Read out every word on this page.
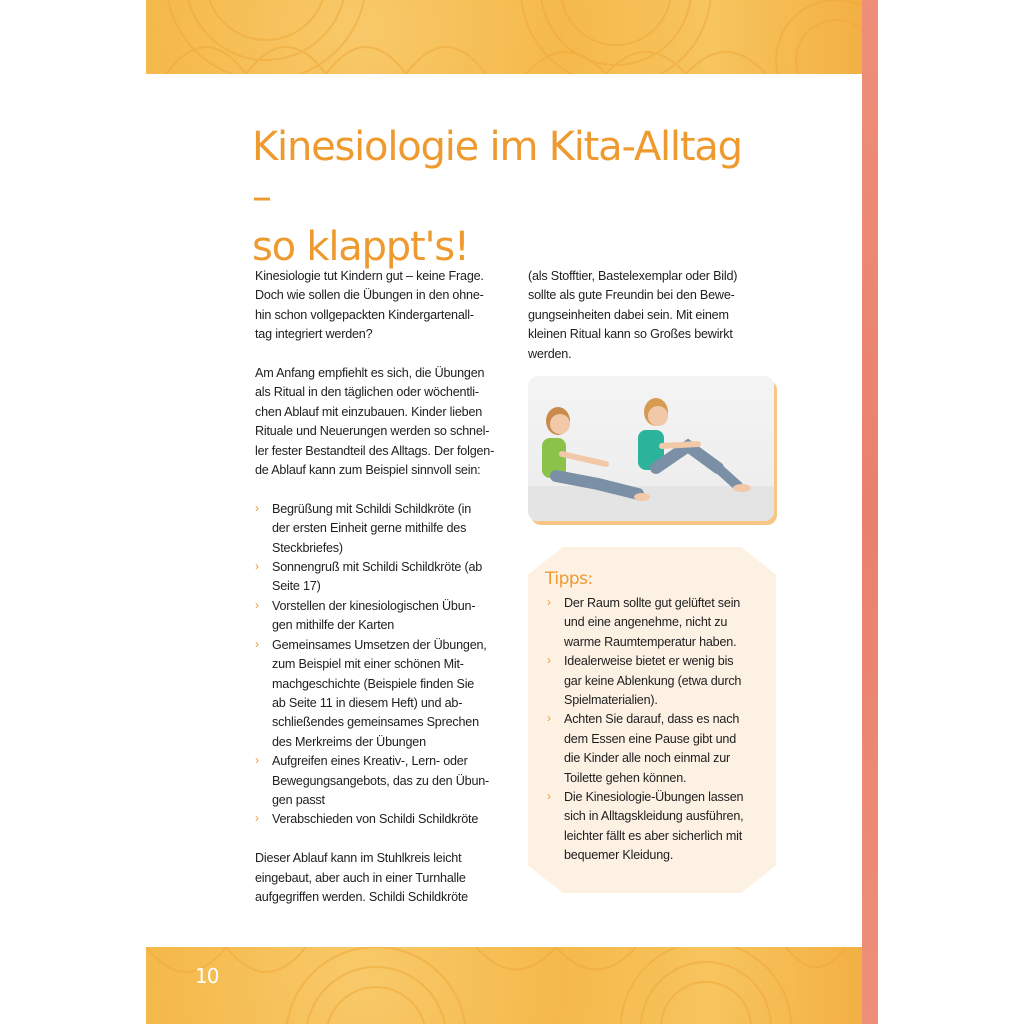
Kinesiologie im Kita-Alltag –
so klappt's!

Kinesiologie tut Kindern gut – keine Frage.
Doch wie sollen die Übungen in den ohne-
hin schon vollgepackten Kindergartenall-
tag integriert werden?

Am Anfang empfiehlt es sich, die Übungen
als Ritual in den täglichen oder wöchentli-
chen Ablauf mit einzubauen. Kinder lieben
Rituale und Neuerungen werden so schnel-
ler fester Bestandteil des Alltags. Der folgen-
de Ablauf kann zum Beispiel sinnvoll sein:

› Begrüßung mit Schildi Schildkröte (in
der ersten Einheit gerne mithilfe des
Steckbriefes)
› Sonnengruß mit Schildi Schildkröte (ab
Seite 17)
› Vorstellen der kinesiologischen Übun-
gen mithilfe der Karten
› Gemeinsames Umsetzen der Übungen,
zum Beispiel mit einer schönen Mit-
machgeschichte (Beispiele finden Sie
ab Seite 11 in diesem Heft) und ab-
schließendes gemeinsames Sprechen
des Merkreims der Übungen
› Aufgreifen eines Kreativ-, Lern- oder
Bewegungsangebots, das zu den Übun-
gen passt
› Verabschieden von Schildi Schildkröte

Dieser Ablauf kann im Stuhlkreis leicht
eingebaut, aber auch in einer Turnhalle
aufgegriffen werden. Schildi Schildkröte

(als Stofftier, Bastelexemplar oder Bild)
sollte als gute Freundin bei den Bewe-
gungseinheiten dabei sein. Mit einem
kleinen Ritual kann so Großes bewirkt
werden.

Tipps:
› Der Raum sollte gut gelüftet sein
und eine angenehme, nicht zu
warme Raumtemperatur haben.
› Idealerweise bietet er wenig bis
gar keine Ablenkung (etwa durch
Spielmaterialien).
› Achten Sie darauf, dass es nach
dem Essen eine Pause gibt und
die Kinder alle noch einmal zur
Toilette gehen können.
› Die Kinesiologie-Übungen lassen
sich in Alltagskleidung ausführen,
leichter fällt es aber sicherlich mit
bequemer Kleidung.
10
